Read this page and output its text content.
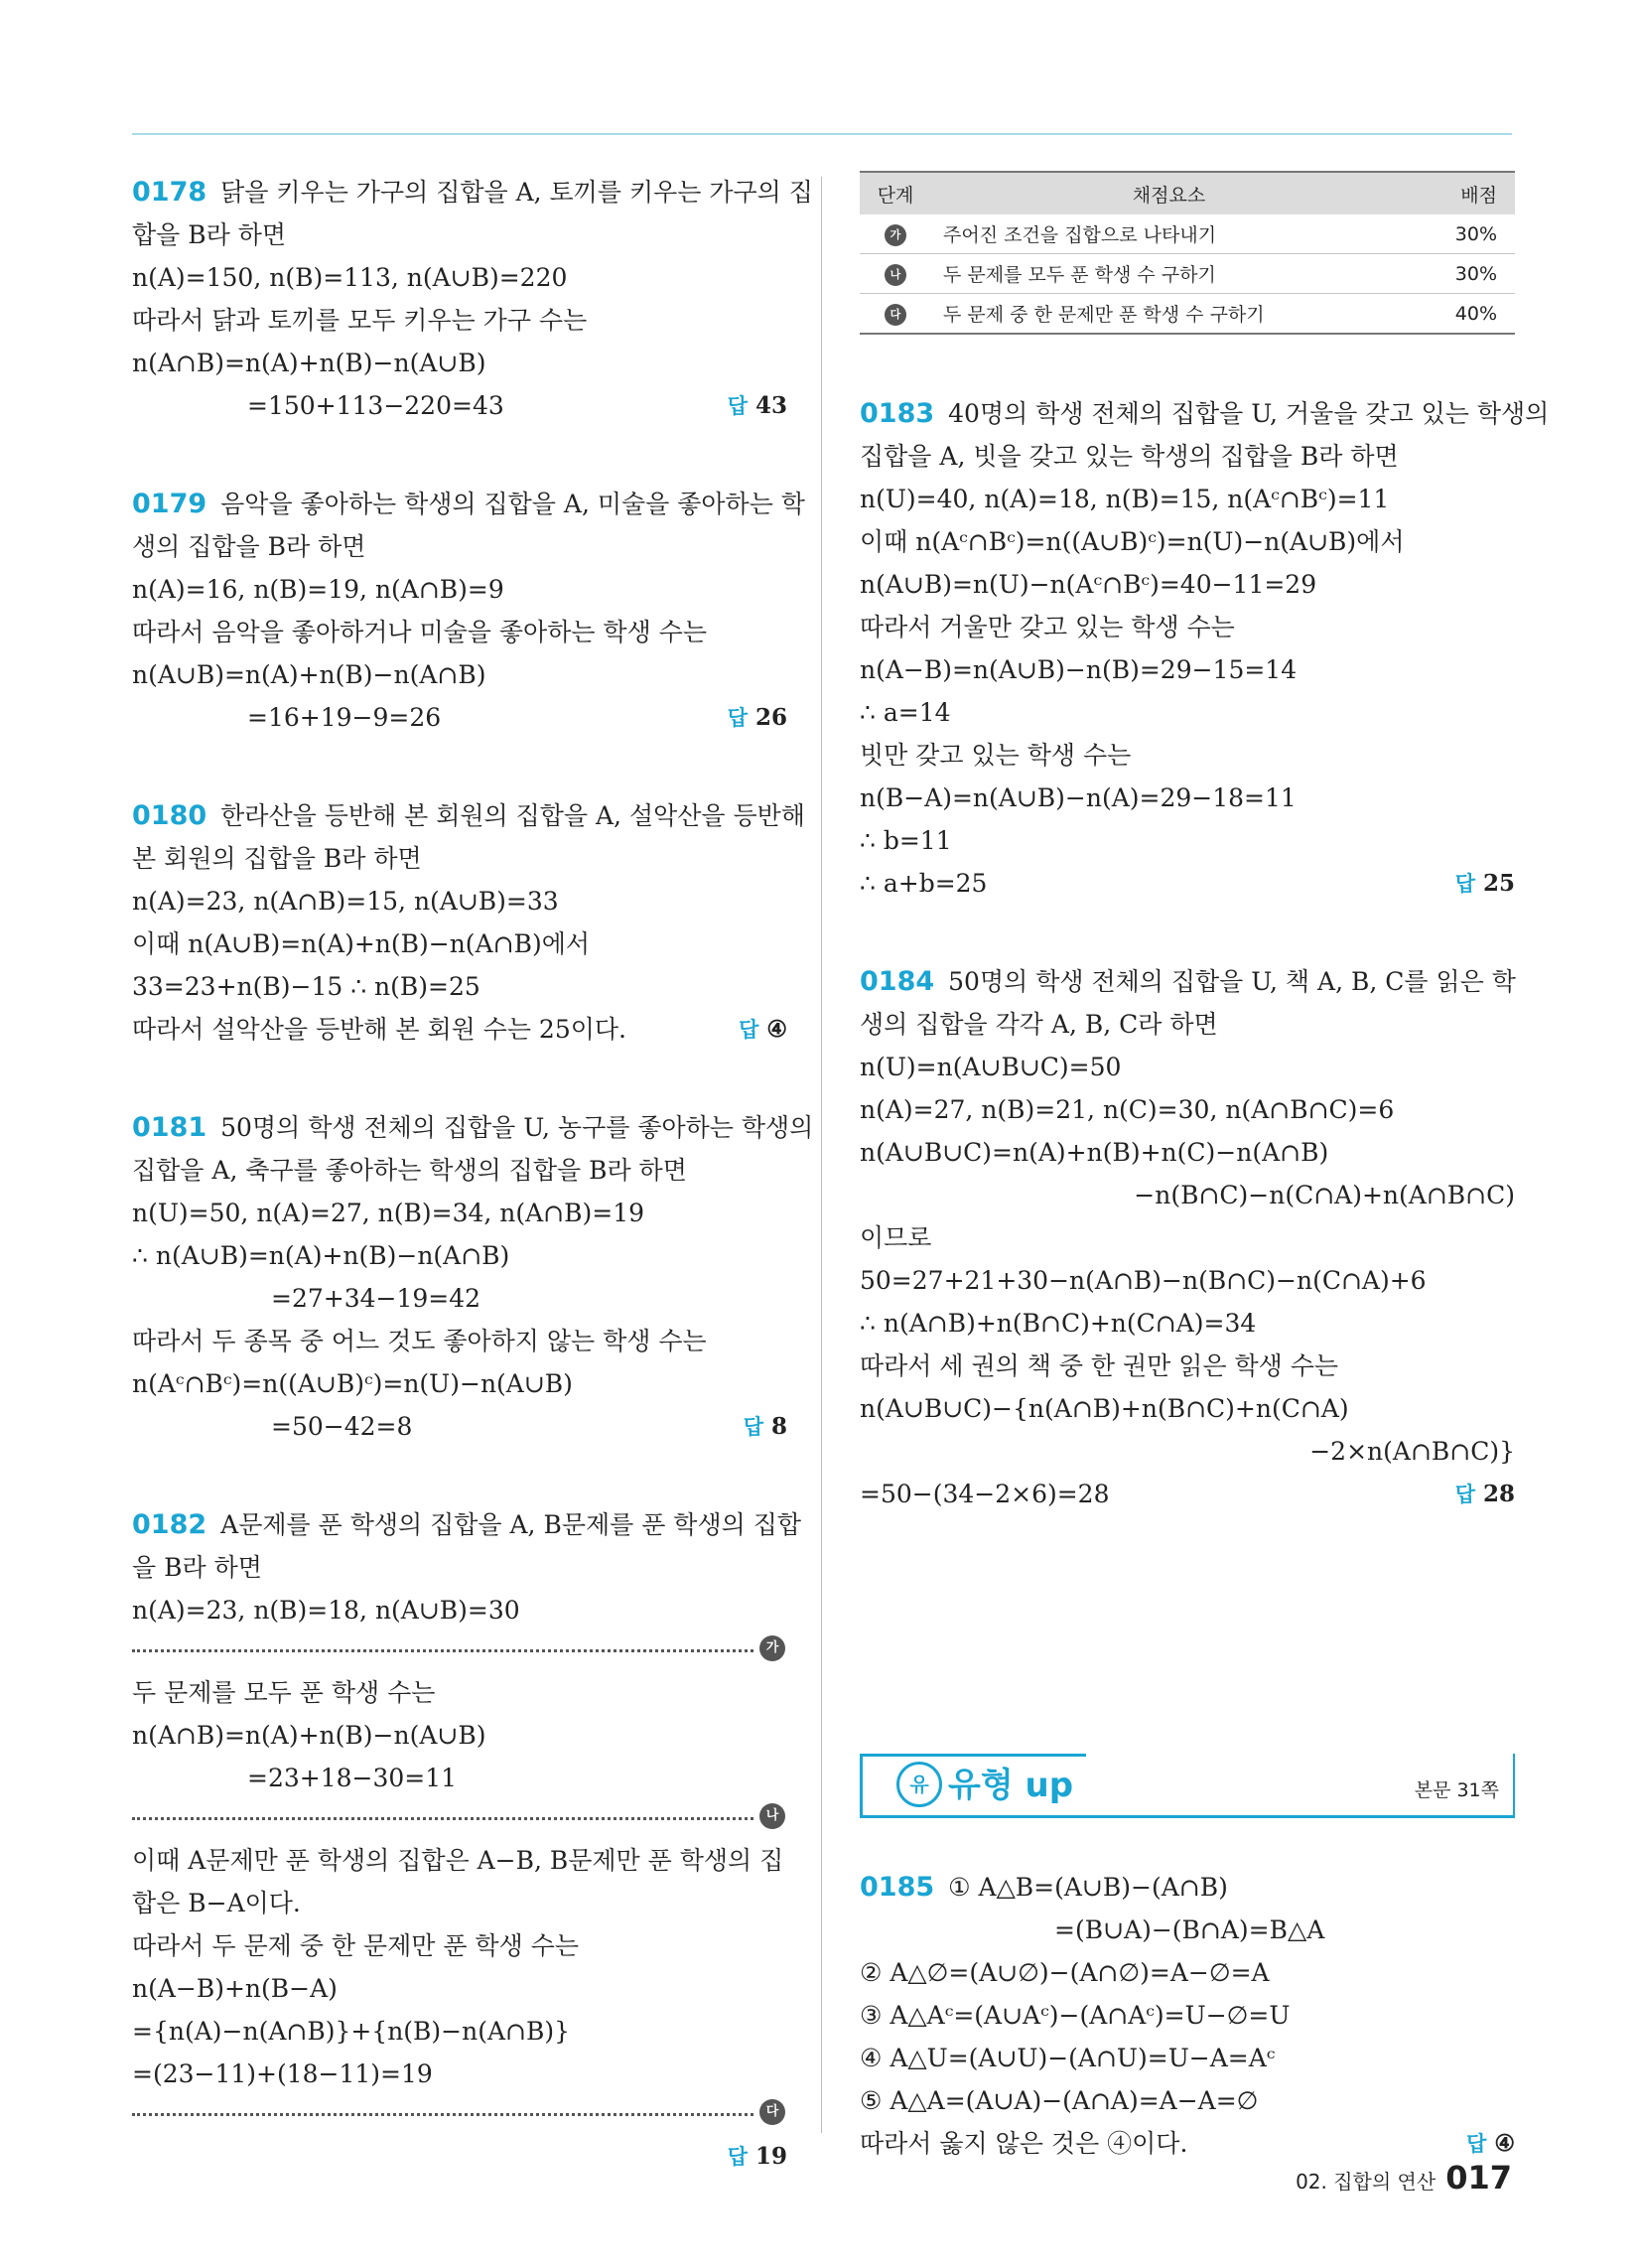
0178 닭을 키우는 가구의 집합을 A, 토끼를 키우는 가구의 집
합을 B라 하면
n(A)=150, n(B)=113, n(A∪B)=220
따라서 닭과 토끼를 모두 키우는 가구 수는
n(A∩B)=n(A)+n(B)−n(A∪B)
=150+113−220=43	답 43
0179 음악을 좋아하는 학생의 집합을 A, 미술을 좋아하는 학
생의 집합을 B라 하면
n(A)=16, n(B)=19, n(A∩B)=9
따라서 음악을 좋아하거나 미술을 좋아하는 학생 수는
n(A∪B)=n(A)+n(B)−n(A∩B)
=16+19−9=26	답 26
0180 한라산을 등반해 본 회원의 집합을 A, 설악산을 등반해
본 회원의 집합을 B라 하면
n(A)=23, n(A∩B)=15, n(A∪B)=33
이때 n(A∪B)=n(A)+n(B)−n(A∩B)에서
33=23+n(B)−15 ∴ n(B)=25
따라서 설악산을 등반해 본 회원 수는 25이다.	답 ④
0181 50명의 학생 전체의 집합을 U, 농구를 좋아하는 학생의
집합을 A, 축구를 좋아하는 학생의 집합을 B라 하면
n(U)=50, n(A)=27, n(B)=34, n(A∩B)=19
∴ n(A∪B)=n(A)+n(B)−n(A∩B)
=27+34−19=42
따라서 두 종목 중 어느 것도 좋아하지 않는 학생 수는
n(Aᶜ∩Bᶜ)=n((A∪B)ᶜ)=n(U)−n(A∪B)
=50−42=8	답 8
0182 A문제를 푼 학생의 집합을 A, B문제를 푼 학생의 집합
을 B라 하면
n(A)=23, n(B)=18, n(A∪B)=30
가
두 문제를 모두 푼 학생 수는
n(A∩B)=n(A)+n(B)−n(A∪B)
=23+18−30=11
나
이때 A문제만 푼 학생의 집합은 A−B, B문제만 푼 학생의 집
합은 B−A이다.
따라서 두 문제 중 한 문제만 푼 학생 수는
n(A−B)+n(B−A)
={n(A)−n(A∩B)}+{n(B)−n(A∩B)}
=(23−11)+(18−11)=19
다

답 19
단계	채점요소	배점
가	주어진 조건을 집합으로 나타내기	30%
나	두 문제를 모두 푼 학생 수 구하기	30%
다	두 문제 중 한 문제만 푼 학생 수 구하기	40%
0183 40명의 학생 전체의 집합을 U, 거울을 갖고 있는 학생의
집합을 A, 빗을 갖고 있는 학생의 집합을 B라 하면
n(U)=40, n(A)=18, n(B)=15, n(Aᶜ∩Bᶜ)=11
이때 n(Aᶜ∩Bᶜ)=n((A∪B)ᶜ)=n(U)−n(A∪B)에서
n(A∪B)=n(U)−n(Aᶜ∩Bᶜ)=40−11=29
따라서 거울만 갖고 있는 학생 수는
n(A−B)=n(A∪B)−n(B)=29−15=14
∴ a=14
빗만 갖고 있는 학생 수는
n(B−A)=n(A∪B)−n(A)=29−18=11
∴ b=11
∴ a+b=25	답 25
0184 50명의 학생 전체의 집합을 U, 책 A, B, C를 읽은 학
생의 집합을 각각 A, B, C라 하면
n(U)=n(A∪B∪C)=50
n(A)=27, n(B)=21, n(C)=30, n(A∩B∩C)=6
n(A∪B∪C)=n(A)+n(B)+n(C)−n(A∩B)
−n(B∩C)−n(C∩A)+n(A∩B∩C)
이므로
50=27+21+30−n(A∩B)−n(B∩C)−n(C∩A)+6
∴ n(A∩B)+n(B∩C)+n(C∩A)=34
따라서 세 권의 책 중 한 권만 읽은 학생 수는
n(A∪B∪C)−{n(A∩B)+n(B∩C)+n(C∩A)
−2×n(A∩B∩C)}
=50−(34−2×6)=28	답 28
유 유형 up	본문 31쪽
0185 ① A△B=(A∪B)−(A∩B)
=(B∪A)−(B∩A)=B△A
② A△∅=(A∪∅)−(A∩∅)=A−∅=A
③ A△Aᶜ=(A∪Aᶜ)−(A∩Aᶜ)=U−∅=U
④ A△U=(A∪U)−(A∩U)=U−A=Aᶜ
⑤ A△A=(A∪A)−(A∩A)=A−A=∅
따라서 옳지 않은 것은 ④이다.	답 ④
02. 집합의 연산 017
